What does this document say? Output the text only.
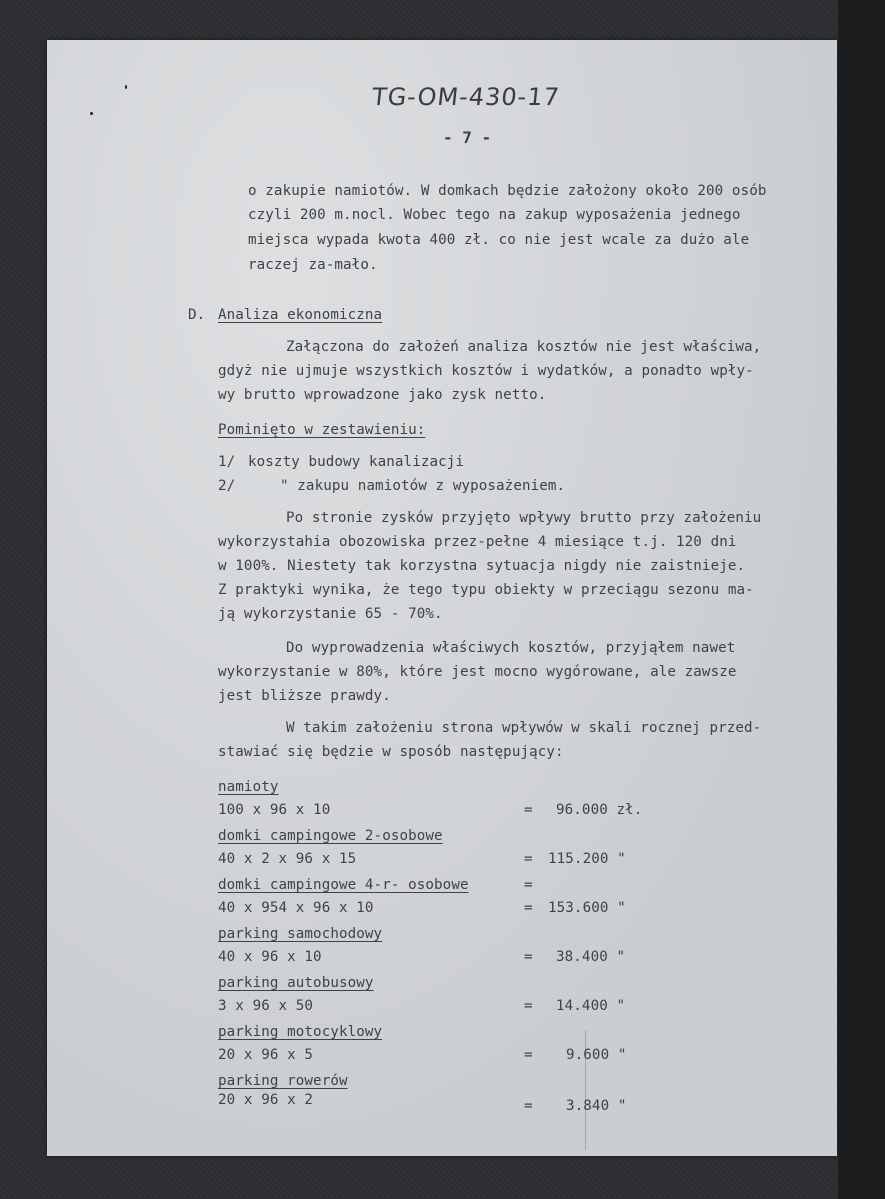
TG-OM-430-17

- 7 -

o zakupie namiotów. W domkach będzie założony około 200 osób

czyli 200 m.nocl. Wobec tego na zakup wyposażenia jednego

miejsca wypada kwota 400 zł. co nie jest wcale za dużo ale

raczej za-mało.

D. Analiza ekonomiczna

Załączona do założeń analiza kosztów nie jest właściwa,

gdyż nie ujmuje wszystkich kosztów i wydatków, a ponadto wpły-

wy brutto wprowadzone jako zysk netto.

Pominięto w zestawieniu:

1/ koszty budowy kanalizacji

2/	" zakupu namiotów z wyposażeniem.

Po stronie zysków przyjęto wpływy brutto przy założeniu

wykorzystahia obozowiska przez-pełne 4 miesiące t.j. 120 dni

w 100%. Niestety tak korzystna sytuacja nigdy nie zaistnieje.

Z praktyki wynika, że tego typu obiekty w przeciągu sezonu ma-

ją wykorzystanie 65 - 70%.

Do wyprowadzenia właściwych kosztów, przyjąłem nawet

wykorzystanie w 80%, które jest mocno wygórowane, ale zawsze

jest bliższe prawdy.

W takim założeniu strona wpływów w skali rocznej przed-

stawiać się będzie w sposób następujący:

namioty

100 x 96 x 10	= 96.000 zł.

domki campingowe 2-osobowe

40 x 2 x 96 x 15	= 115.200 "

domki campingowe 4-r- osobowe	=

40 x 954 x 96 x 10	= 153.600 "

parking samochodowy

40 x 96 x 10	= 38.400 "

parking autobusowy

3 x 96 x 50	= 14.400 "

parking motocyklowy

20 x 96 x 5	= 9.600 "

parking rowerów

20 x 96 x 2	= 3.840 "
